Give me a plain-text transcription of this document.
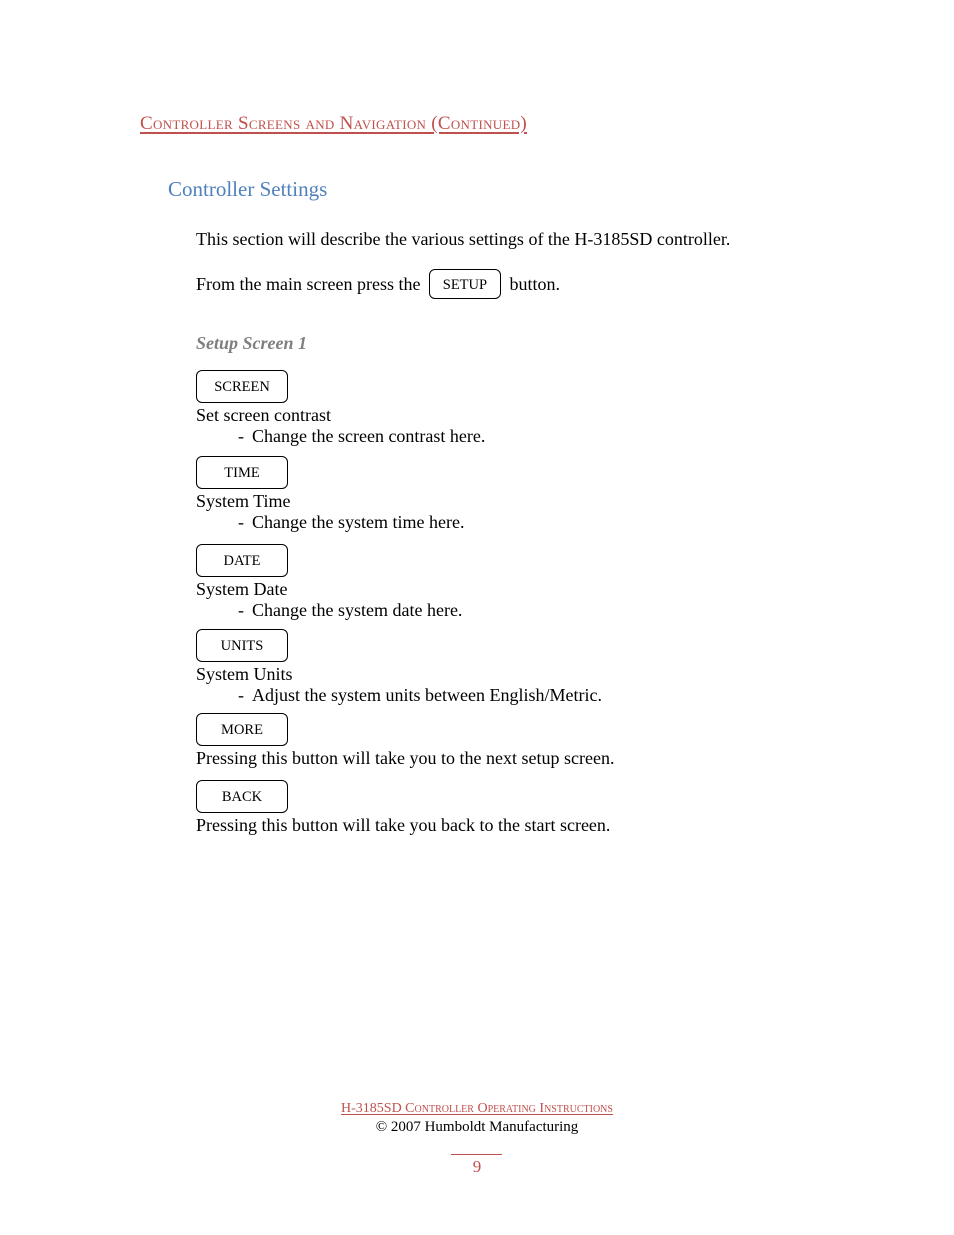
Controller Screens and Navigation (Continued)
Controller Settings
This section will describe the various settings of the H-3185SD controller.
From the main screen press the SETUP button.
Setup Screen 1
SCREEN
Set screen contrast
- Change the screen contrast here.
TIME
System Time
- Change the system time here.
DATE
System Date
- Change the system date here.
UNITS
System Units
- Adjust the system units between English/Metric.
MORE
Pressing this button will take you to the next setup screen.
BACK
Pressing this button will take you back to the start screen.
H-3185SD Controller Operating Instructions
© 2007 Humboldt Manufacturing
9
